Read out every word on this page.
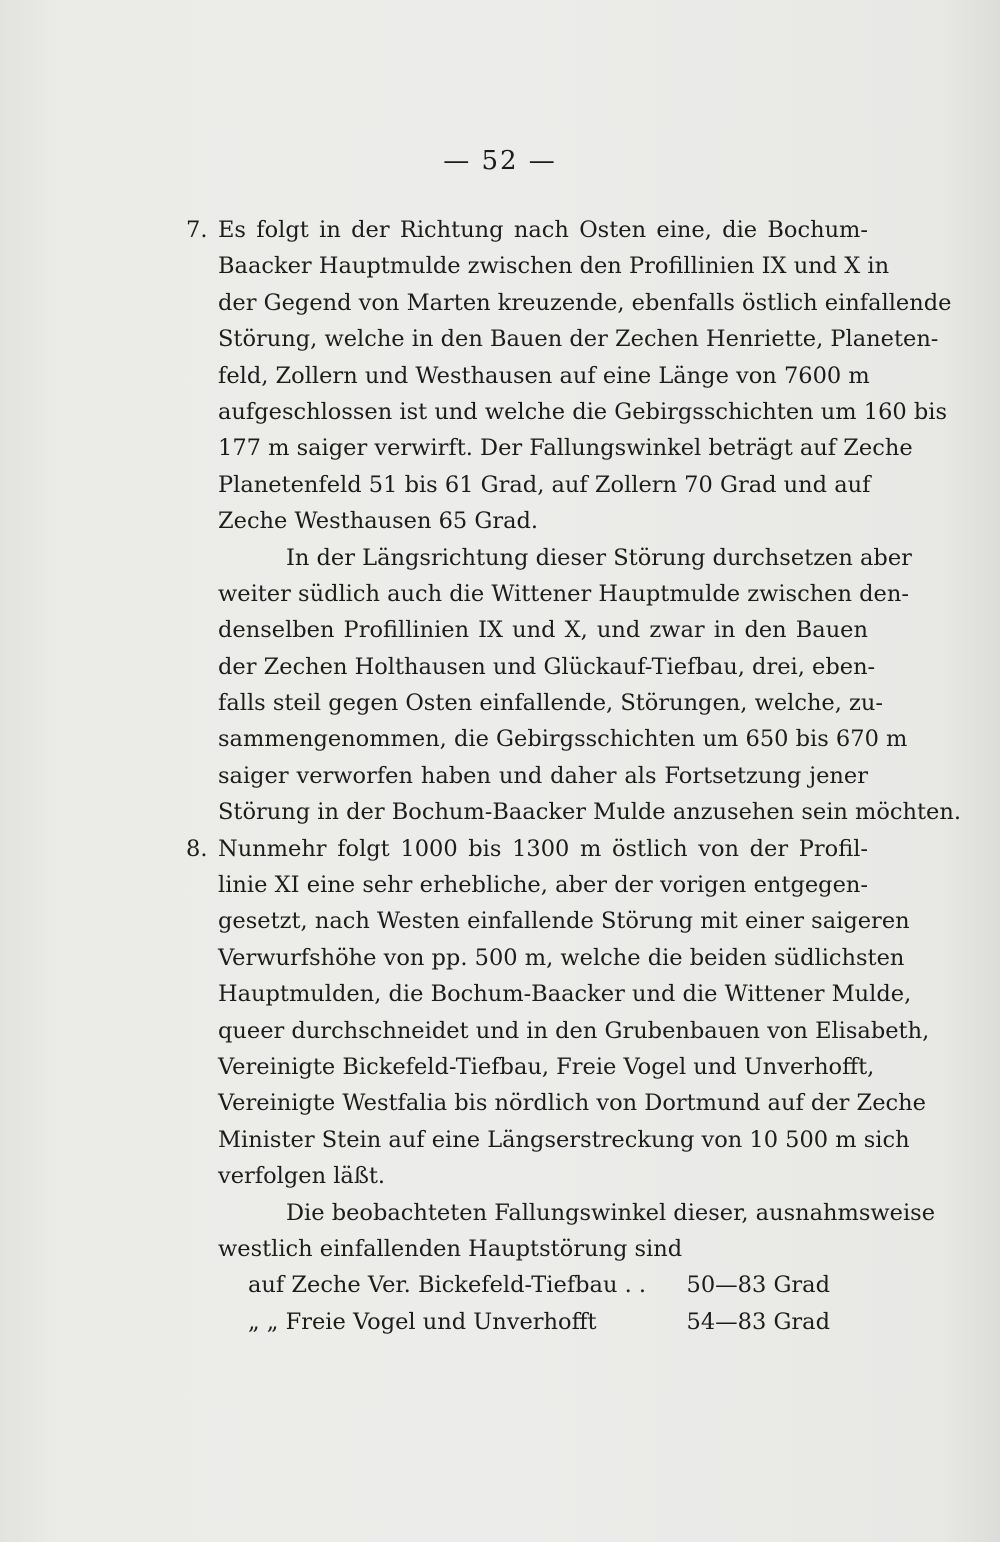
— 52 —
7. Es folgt in der Richtung nach Osten eine, die Bochum-
Baacker Hauptmulde zwischen den Profillinien IX und X in
der Gegend von Marten kreuzende, ebenfalls östlich einfallende
Störung, welche in den Bauen der Zechen Henriette, Planeten-
feld, Zollern und Westhausen auf eine Länge von 7600 m
aufgeschlossen ist und welche die Gebirgsschichten um 160 bis
177 m saiger verwirft. Der Fallungswinkel beträgt auf Zeche
Planetenfeld 51 bis 61 Grad, auf Zollern 70 Grad und auf
Zeche Westhausen 65 Grad.
In der Längsrichtung dieser Störung durchsetzen aber
weiter südlich auch die Wittener Hauptmulde zwischen den-
denselben Profillinien IX und X, und zwar in den Bauen
der Zechen Holthausen und Glückauf-Tiefbau, drei, eben-
falls steil gegen Osten einfallende, Störungen, welche, zu-
sammengenommen, die Gebirgsschichten um 650 bis 670 m
saiger verworfen haben und daher als Fortsetzung jener
Störung in der Bochum-Baacker Mulde anzusehen sein möchten.
8. Nunmehr folgt 1000 bis 1300 m östlich von der Profil-
linie XI eine sehr erhebliche, aber der vorigen entgegen-
gesetzt, nach Westen einfallende Störung mit einer saigeren
Verwurfshöhe von pp. 500 m, welche die beiden südlichsten
Hauptmulden, die Bochum-Baacker und die Wittener Mulde,
queer durchschneidet und in den Grubenbauen von Elisabeth,
Vereinigte Bickefeld-Tiefbau, Freie Vogel und Unverhofft,
Vereinigte Westfalia bis nördlich von Dortmund auf der Zeche
Minister Stein auf eine Längserstreckung von 10 500 m sich
verfolgen läßt.
Die beobachteten Fallungswinkel dieser, ausnahmsweise
westlich einfallenden Hauptstörung sind
auf Zeche Ver. Bickefeld-Tiefbau . .	50—83 Grad
„ „ Freie Vogel und Unverhofft	54—83 Grad
